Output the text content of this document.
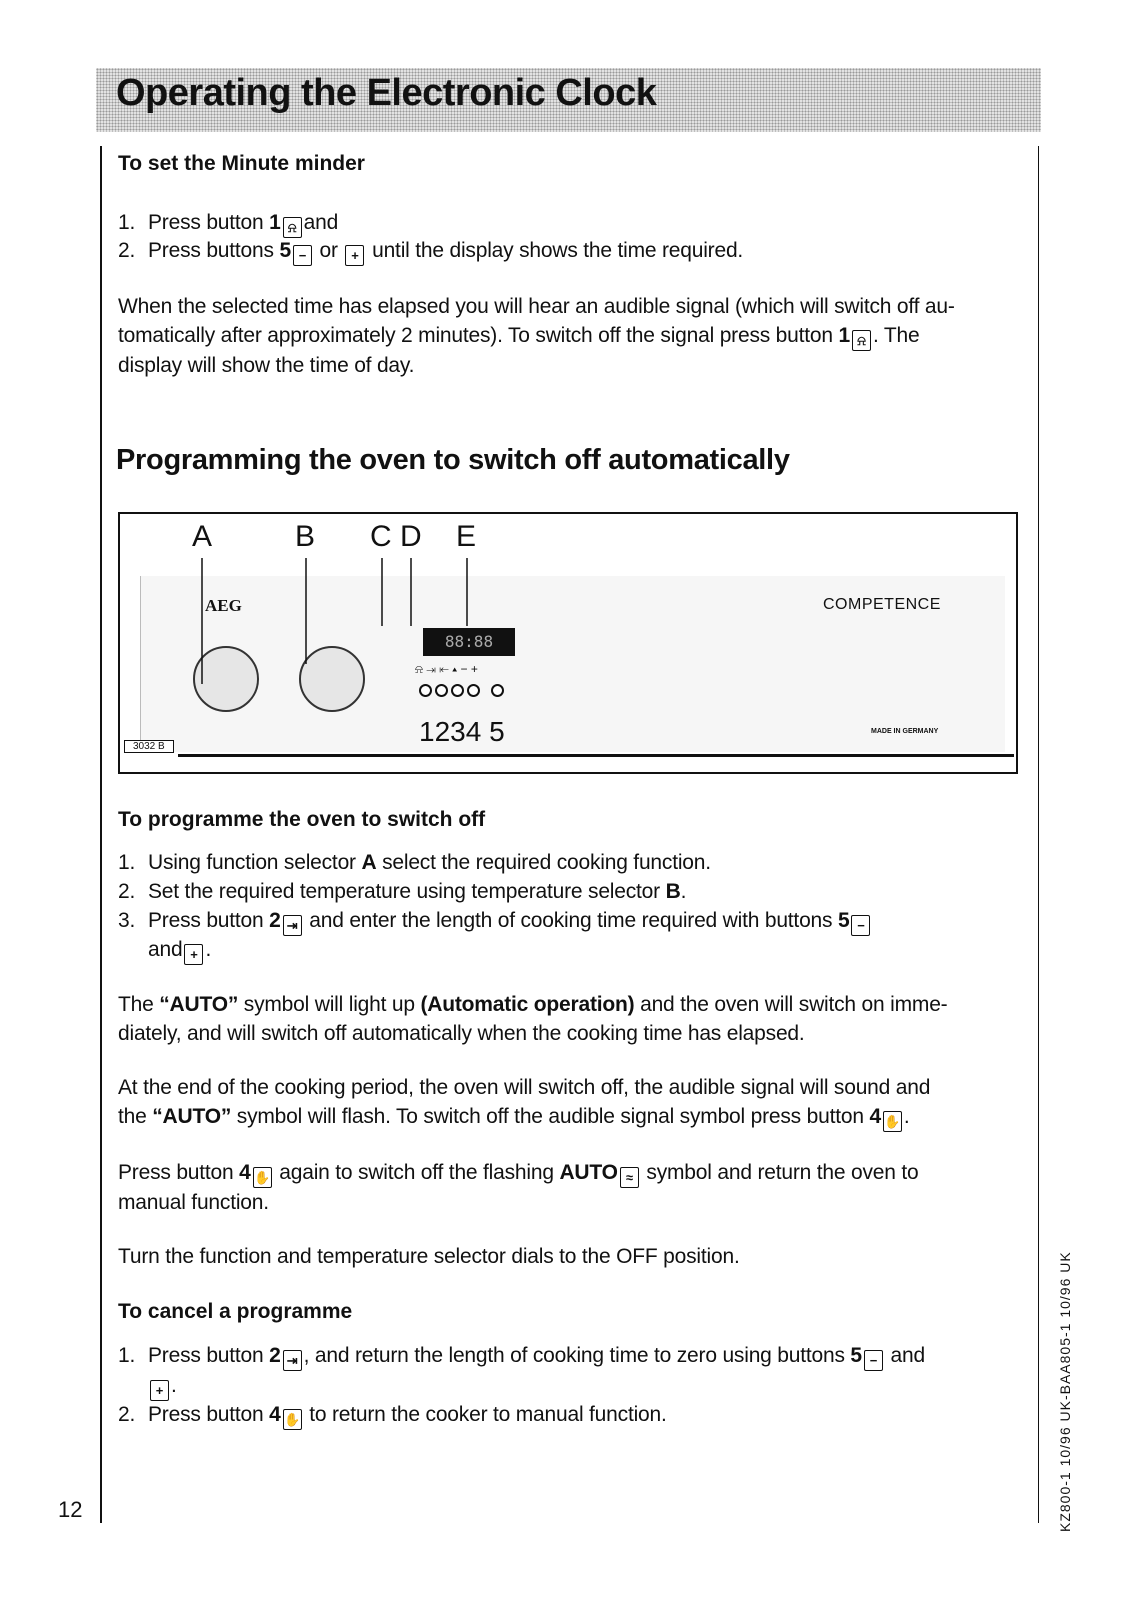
Operating the Electronic Clock
To set the Minute minder
1. Press button 1 ⍾ and
2. Press buttons 5 − or + until the display shows the time required.
When the selected time has elapsed you will hear an audible signal (which will switch off au-
tomatically after approximately 2 minutes). To switch off the signal press button 1 ⍾ . The
display will show the time of day.
Programming the oven to switch off automatically
A	B C D E
AEG	COMPETENCE
88:88
⍾ ⇥ ⇤ ▴ − +
1234 5	MADE IN GERMANY
3032 B
To programme the oven to switch off
1. Using function selector A select the required cooking function.
2. Set the required temperature using temperature selector B.
3. Press button 2 ⇥ and enter the length of cooking time required with buttons 5 −
and + .
The “AUTO” symbol will light up (Automatic operation) and the oven will switch on imme-
diately, and will switch off automatically when the cooking time has elapsed.
At the end of the cooking period, the oven will switch off, the audible signal will sound and
the “AUTO” symbol will flash. To switch off the audible signal symbol press button 4 ✋ .
Press button 4 ✋ again to switch off the flashing AUTO ≈ symbol and return the oven to
manual function.
Turn the function and temperature selector dials to the OFF position.
To cancel a programme
1. Press button 2 ⇥ , and return the length of cooking time to zero using buttons 5 − and
+ .
2. Press button 4 ✋ to return the cooker to manual function.
12	KZ800-1 10/96 UK-BAA805-1 10/96 UK
